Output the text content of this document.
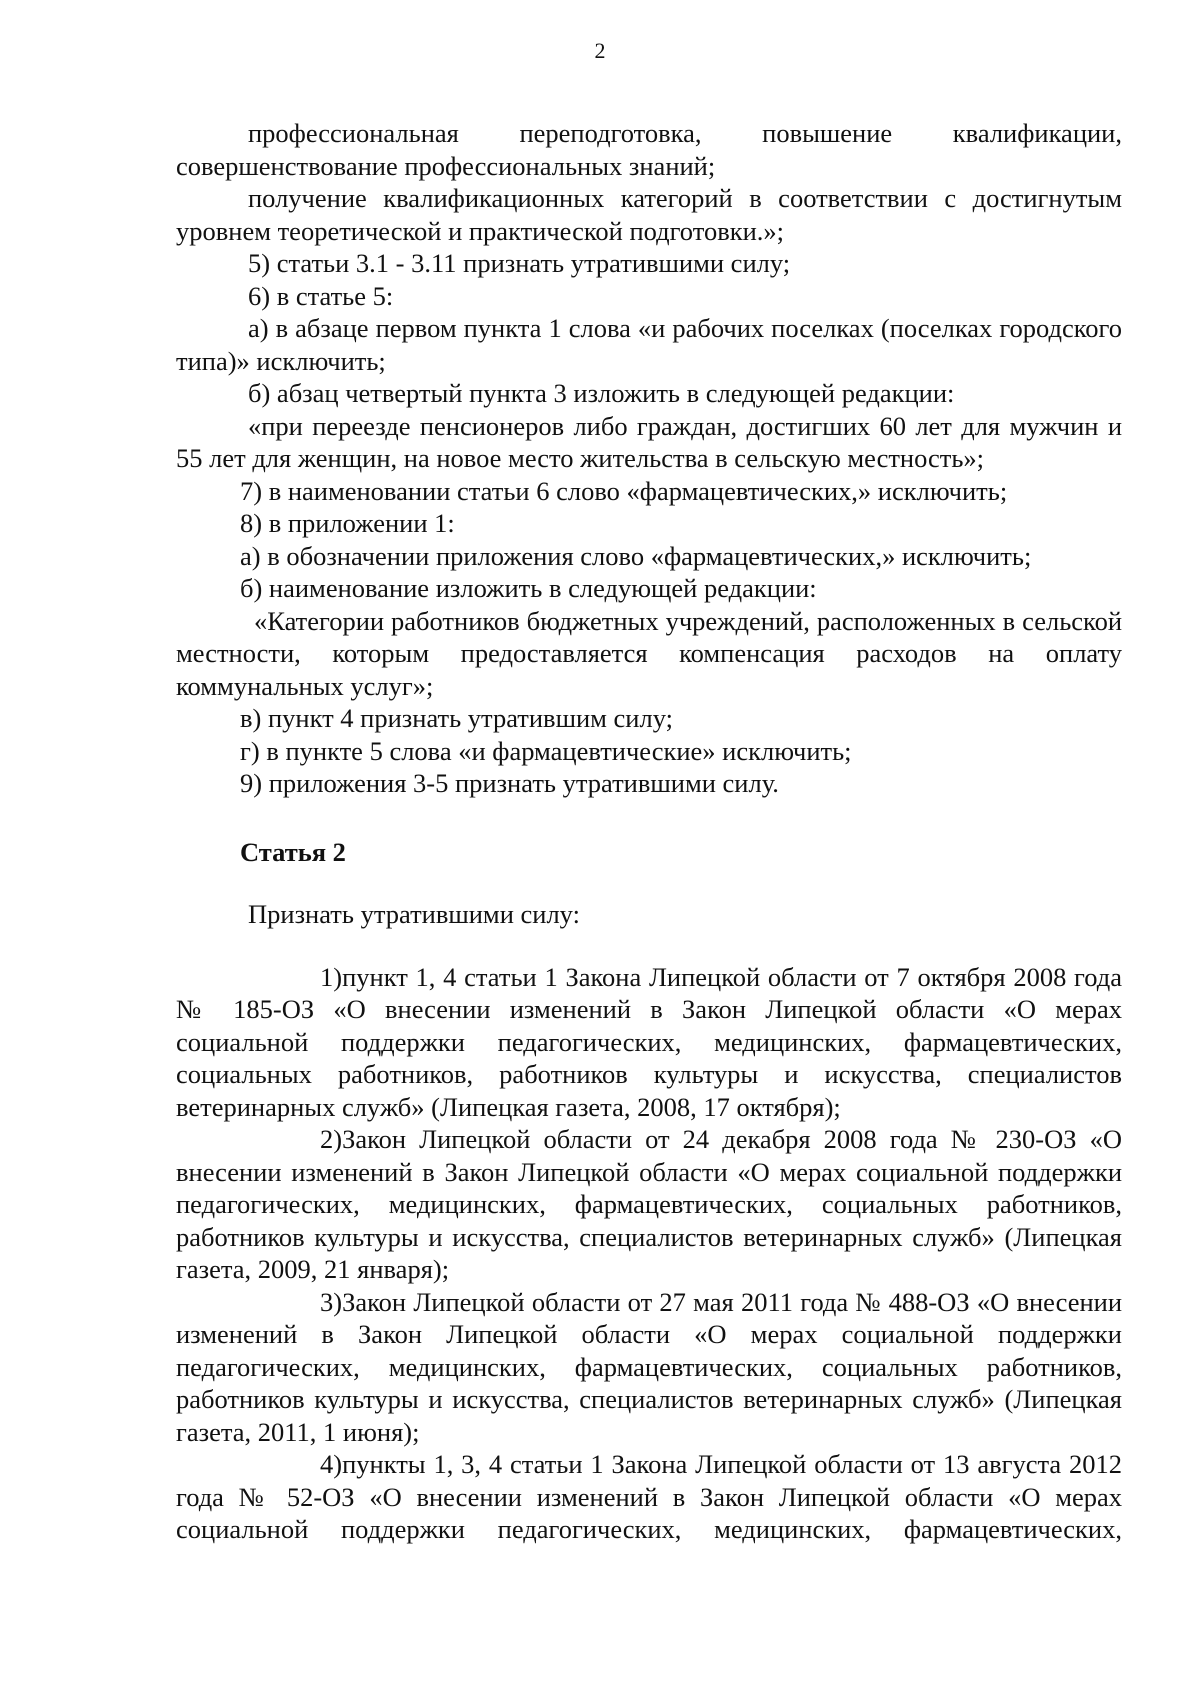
2

профессиональная переподготовка, повышение квалификации, совершенствование профессиональных знаний;

получение квалификационных категорий в соответствии с достигнутым уровнем теоретической и практической подготовки.»;

5) статьи 3.1 - 3.11 признать утратившими силу;

6) в статье 5:

а) в абзаце первом пункта 1 слова «и рабочих поселках (поселках городского типа)» исключить;

б) абзац четвертый пункта 3 изложить в следующей редакции:

«при переезде пенсионеров либо граждан, достигших 60 лет для мужчин и 55 лет для женщин, на новое место жительства в сельскую местность»;

7) в наименовании статьи 6 слово «фармацевтических,» исключить;

8) в приложении 1:

а) в обозначении приложения слово «фармацевтических,» исключить;

б) наименование изложить в следующей редакции:

«Категории работников бюджетных учреждений, расположенных в сельской местности, которым предоставляется компенсация расходов на оплату коммунальных услуг»;

в) пункт 4 признать утратившим силу;

г) в пункте 5 слова «и фармацевтические» исключить;

9) приложения 3-5 признать утратившими силу.

Статья 2

Признать утратившими силу:

1)пункт 1, 4 статьи 1 Закона Липецкой области от 7 октября 2008 года № 185-ОЗ «О внесении изменений в Закон Липецкой области «О мерах социальной поддержки педагогических, медицинских, фармацевтических, социальных работников, работников культуры и искусства, специалистов ветеринарных служб» (Липецкая газета, 2008, 17 октября);

2)Закон Липецкой области от 24 декабря 2008 года № 230-ОЗ «О внесении изменений в Закон Липецкой области «О мерах социальной поддержки педагогических, медицинских, фармацевтических, социальных работников, работников культуры и искусства, специалистов ветеринарных служб» (Липецкая газета, 2009, 21 января);

3)Закон Липецкой области от 27 мая 2011 года № 488-ОЗ «О внесении изменений в Закон Липецкой области «О мерах социальной поддержки педагогических, медицинских, фармацевтических, социальных работников, работников культуры и искусства, специалистов ветеринарных служб» (Липецкая газета, 2011, 1 июня);

4)пункты 1, 3, 4 статьи 1 Закона Липецкой области от 13 августа 2012 года № 52-ОЗ «О внесении изменений в Закон Липецкой области «О мерах социальной поддержки педагогических, медицинских, фармацевтических,
